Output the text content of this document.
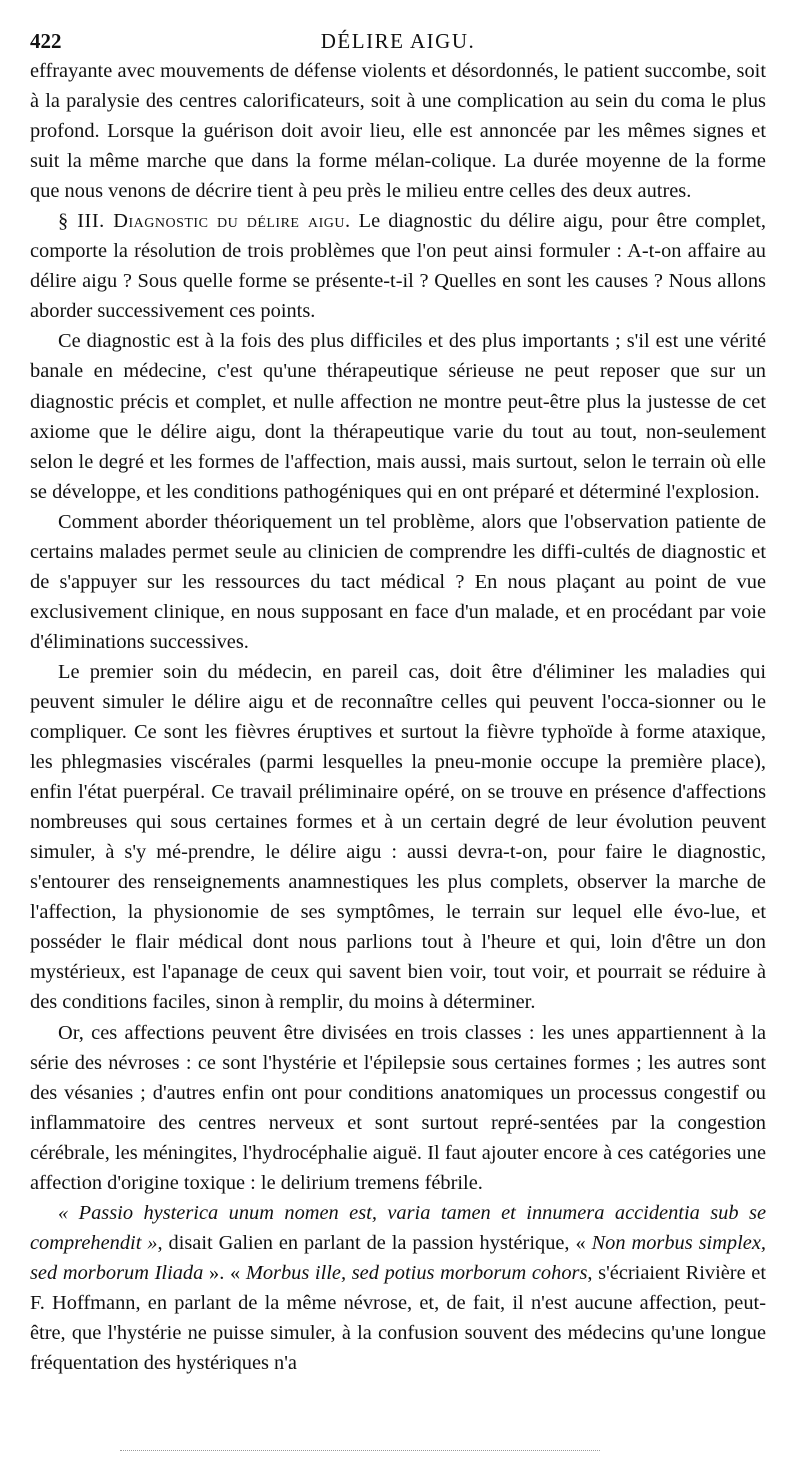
422	DÉLIRE AIGU.

effrayante avec mouvements de défense violents et désordonnés, le patient succombe, soit à la paralysie des centres calorificateurs, soit à une complication au sein du coma le plus profond. Lorsque la guérison doit avoir lieu, elle est annoncée par les mêmes signes et suit la même marche que dans la forme mélan-colique. La durée moyenne de la forme que nous venons de décrire tient à peu près le milieu entre celles des deux autres.

§ III. Diagnostic du délire aigu. Le diagnostic du délire aigu, pour être complet, comporte la résolution de trois problèmes que l'on peut ainsi formuler : A-t-on affaire au délire aigu ? Sous quelle forme se présente-t-il ? Quelles en sont les causes ? Nous allons aborder successivement ces points.

Ce diagnostic est à la fois des plus difficiles et des plus importants ; s'il est une vérité banale en médecine, c'est qu'une thérapeutique sérieuse ne peut reposer que sur un diagnostic précis et complet, et nulle affection ne montre peut-être plus la justesse de cet axiome que le délire aigu, dont la thérapeutique varie du tout au tout, non-seulement selon le degré et les formes de l'affection, mais aussi, mais surtout, selon le terrain où elle se développe, et les conditions pathogéniques qui en ont préparé et déterminé l'explosion.

Comment aborder théoriquement un tel problème, alors que l'observation patiente de certains malades permet seule au clinicien de comprendre les diffi-cultés de diagnostic et de s'appuyer sur les ressources du tact médical ? En nous plaçant au point de vue exclusivement clinique, en nous supposant en face d'un malade, et en procédant par voie d'éliminations successives.

Le premier soin du médecin, en pareil cas, doit être d'éliminer les maladies qui peuvent simuler le délire aigu et de reconnaître celles qui peuvent l'occa-sionner ou le compliquer. Ce sont les fièvres éruptives et surtout la fièvre typhoïde à forme ataxique, les phlegmasies viscérales (parmi lesquelles la pneu-monie occupe la première place), enfin l'état puerpéral. Ce travail préliminaire opéré, on se trouve en présence d'affections nombreuses qui sous certaines formes et à un certain degré de leur évolution peuvent simuler, à s'y mé-prendre, le délire aigu : aussi devra-t-on, pour faire le diagnostic, s'entourer des renseignements anamnestiques les plus complets, observer la marche de l'affection, la physionomie de ses symptômes, le terrain sur lequel elle évo-lue, et posséder le flair médical dont nous parlions tout à l'heure et qui, loin d'être un don mystérieux, est l'apanage de ceux qui savent bien voir, tout voir, et pourrait se réduire à des conditions faciles, sinon à remplir, du moins à déterminer.

Or, ces affections peuvent être divisées en trois classes : les unes appartiennent à la série des névroses : ce sont l'hystérie et l'épilepsie sous certaines formes ; les autres sont des vésanies ; d'autres enfin ont pour conditions anatomiques un processus congestif ou inflammatoire des centres nerveux et sont surtout repré-sentées par la congestion cérébrale, les méningites, l'hydrocéphalie aiguë. Il faut ajouter encore à ces catégories une affection d'origine toxique : le delirium tremens fébrile.

« Passio hysterica unum nomen est, varia tamen et innumera accidentia sub se comprehendit », disait Galien en parlant de la passion hystérique, « Non morbus simplex, sed morborum Iliada ». « Morbus ille, sed potius morborum cohors, s'écriaient Rivière et F. Hoffmann, en parlant de la même névrose, et, de fait, il n'est aucune affection, peut-être, que l'hystérie ne puisse simuler, à la confusion souvent des médecins qu'une longue fréquentation des hystériques n'a
